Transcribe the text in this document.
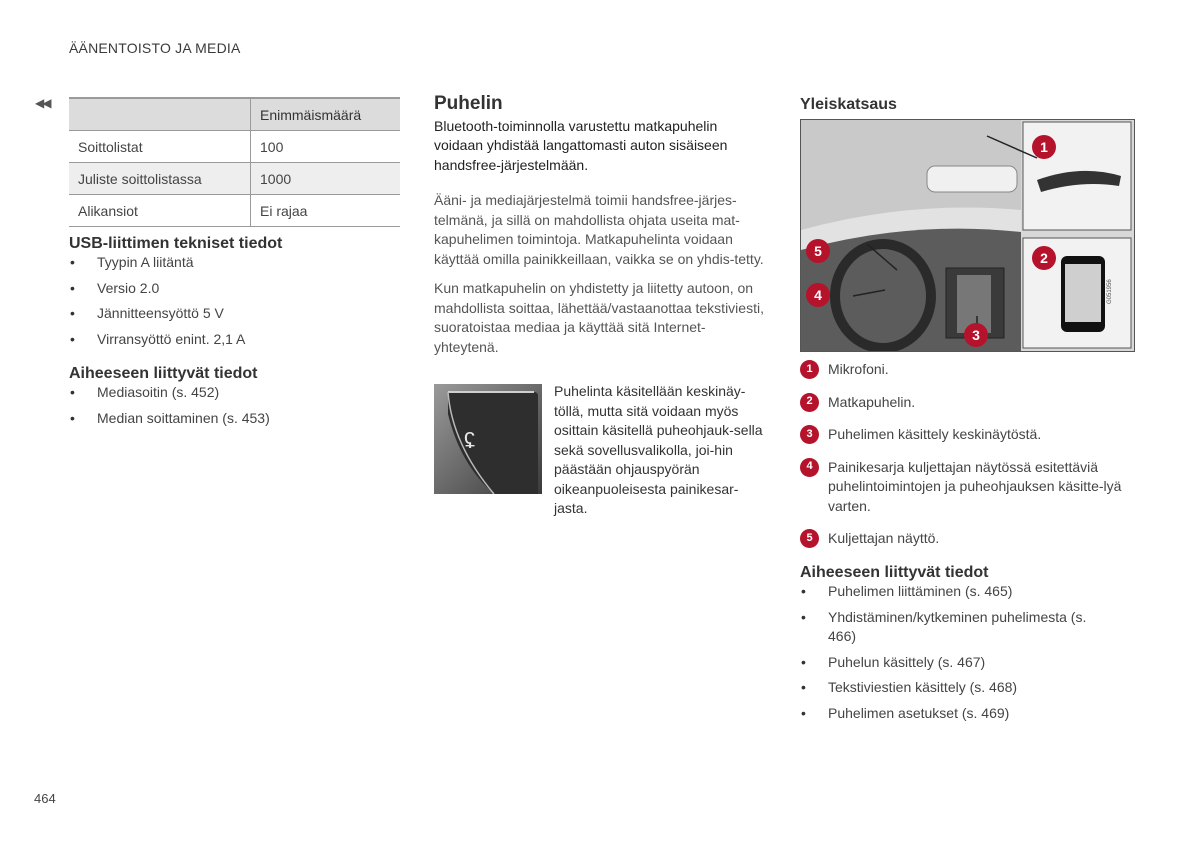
ÄÄNENTOISTO JA MEDIA
◀◀
	Enimmäismäärä
Soittolistat	100
Juliste soittolistassa	1000
Alikansiot	Ei rajaa
USB-liittimen tekniset tiedot
• Tyypin A liitäntä
• Versio 2.0
• Jännitteensyöttö 5 V
• Virransyöttö enint. 2,1 A
Aiheeseen liittyvät tiedot
• Mediasoitin (s. 452)
• Median soittaminen (s. 453)
464
Puhelin
Bluetooth-toiminnolla varustettu matkapuhelin voidaan yhdistää langattomasti auton sisäiseen handsfree-järjestelmään.

Ääni- ja mediajärjestelmä toimii handsfree-järjes-telmänä, ja sillä on mahdollista ohjata useita mat-kapuhelimen toimintoja. Matkapuhelinta voidaan käyttää omilla painikkeillaan, vaikka se on yhdis-tetty.

Kun matkapuhelin on yhdistetty ja liitetty autoon, on mahdollista soittaa, lähettää/vastaanottaa tekstiviesti, suoratoistaa mediaa ja käyttää sitä Internet-yhteytenä.

ʢ
Puhelinta käsitellään keskinäy-töllä, mutta sitä voidaan myös osittain käsitellä puheohjauk-sella sekä sovellusvalikolla, joi-hin päästään ohjauspyörän oikeanpuoleisesta painikesar-jasta.
Yleiskatsaus
1
2
3
4
5
G051956
1	Mikrofoni.
2	Matkapuhelin.
3	Puhelimen käsittely keskinäytöstä.
4	Painikesarja kuljettajan näytössä esitettäviä puhelintoimintojen ja puheohjauksen käsitte-lyä varten.
5	Kuljettajan näyttö.
Aiheeseen liittyvät tiedot
• Puhelimen liittäminen (s. 465)
• Yhdistäminen/kytkeminen puhelimesta (s. 466)
• Puhelun käsittely (s. 467)
• Tekstiviestien käsittely (s. 468)
• Puhelimen asetukset (s. 469)
